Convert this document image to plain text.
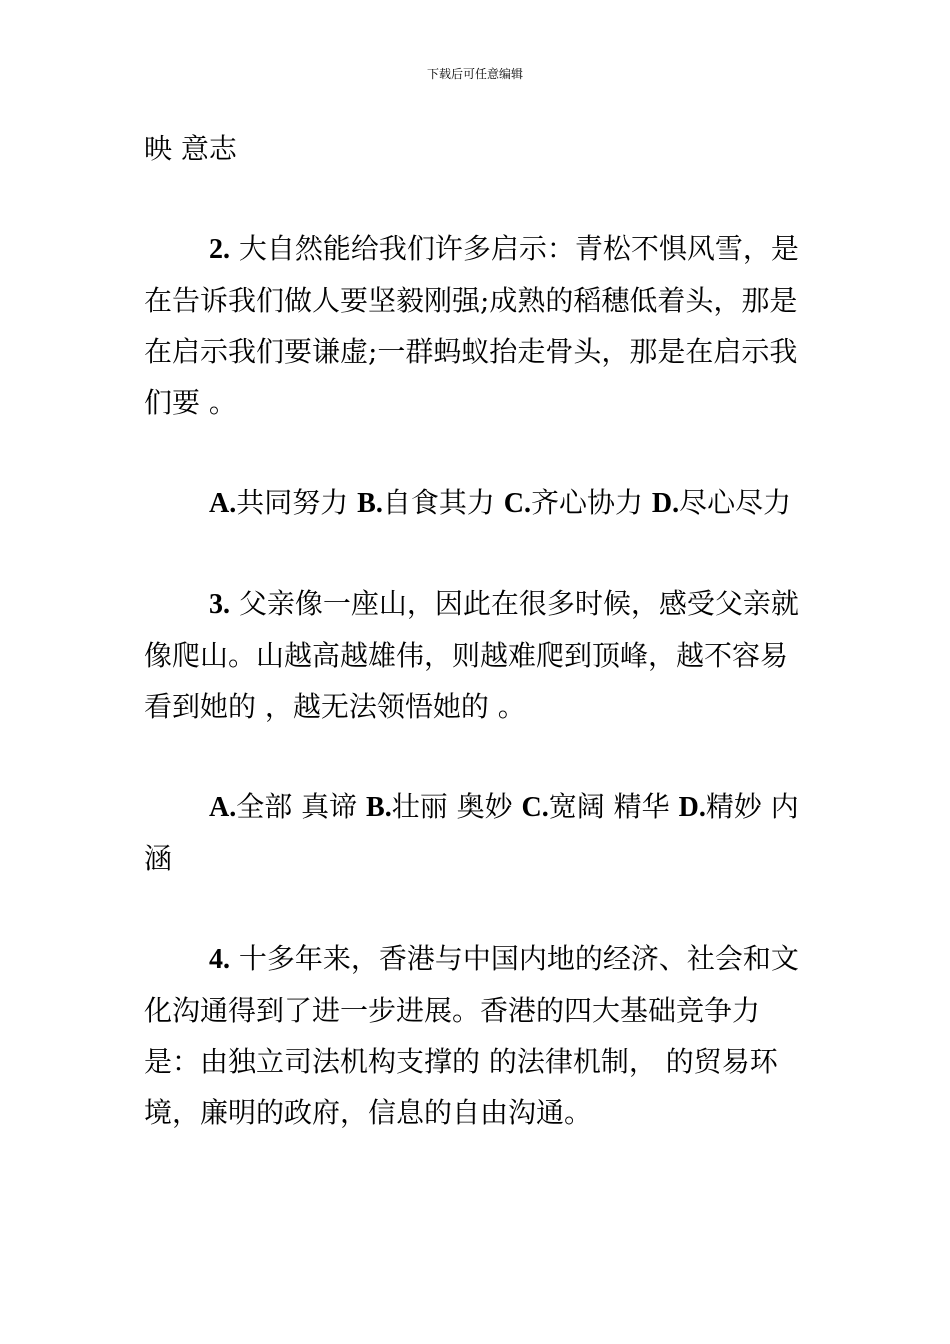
下载后可任意编辑

映 意志

2. 大自然能给我们许多启示：青松不惧风雪，是在告诉我们做人要坚毅刚强;成熟的稻穗低着头，那是在启示我们要谦虚;一群蚂蚁抬走骨头，那是在启示我们要 。

A.共同努力 B.自食其力 C.齐心协力 D.尽心尽力

3. 父亲像一座山，因此在很多时候，感受父亲就像爬山。山越高越雄伟，则越难爬到顶峰，越不容易看到她的 ，越无法领悟她的 。

A.全部 真谛 B.壮丽 奥妙 C.宽阔 精华 D.精妙 内涵

4. 十多年来，香港与中国内地的经济、社会和文化沟通得到了进一步进展。香港的四大基础竞争力是：由独立司法机构支撑的 的法律机制， 的贸易环境，廉明的政府，信息的自由沟通。
